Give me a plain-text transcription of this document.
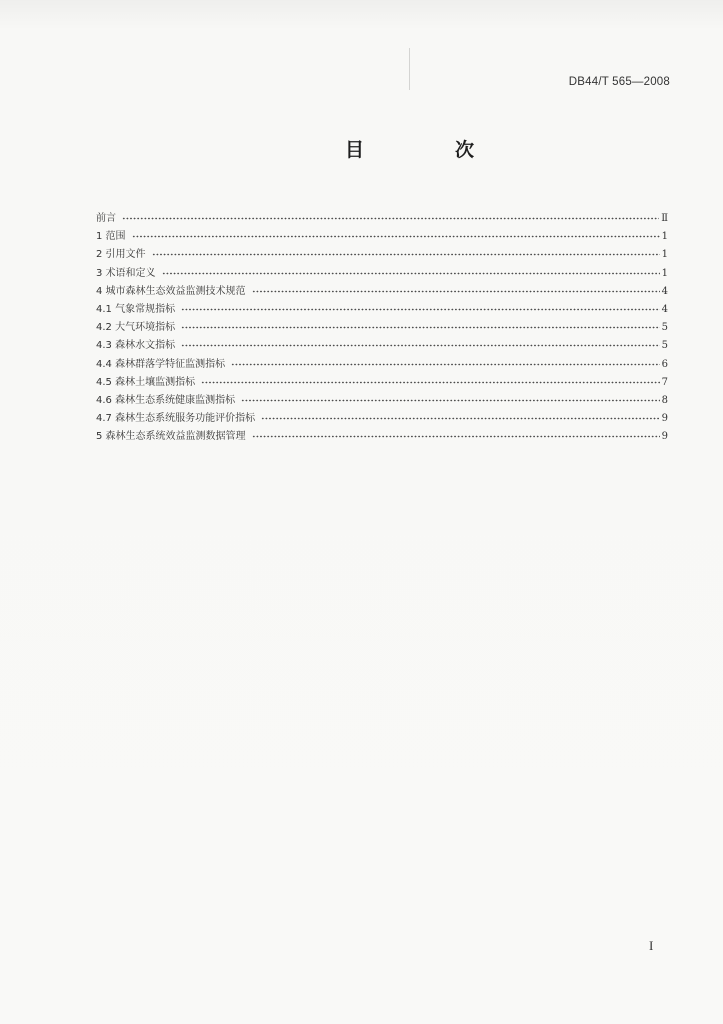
DB44/T 565—2008
目　次
前言	Ⅱ
1 范围	1
2 引用文件	1
3 术语和定义	1
4 城市森林生态效益监测技术规范	4
4.1 气象常规指标	4
4.2 大气环境指标	5
4.3 森林水文指标	5
4.4 森林群落学特征监测指标	6
4.5 森林土壤监测指标	7
4.6 森林生态系统健康监测指标	8
4.7 森林生态系统服务功能评价指标	9
5 森林生态系统效益监测数据管理	9
I
